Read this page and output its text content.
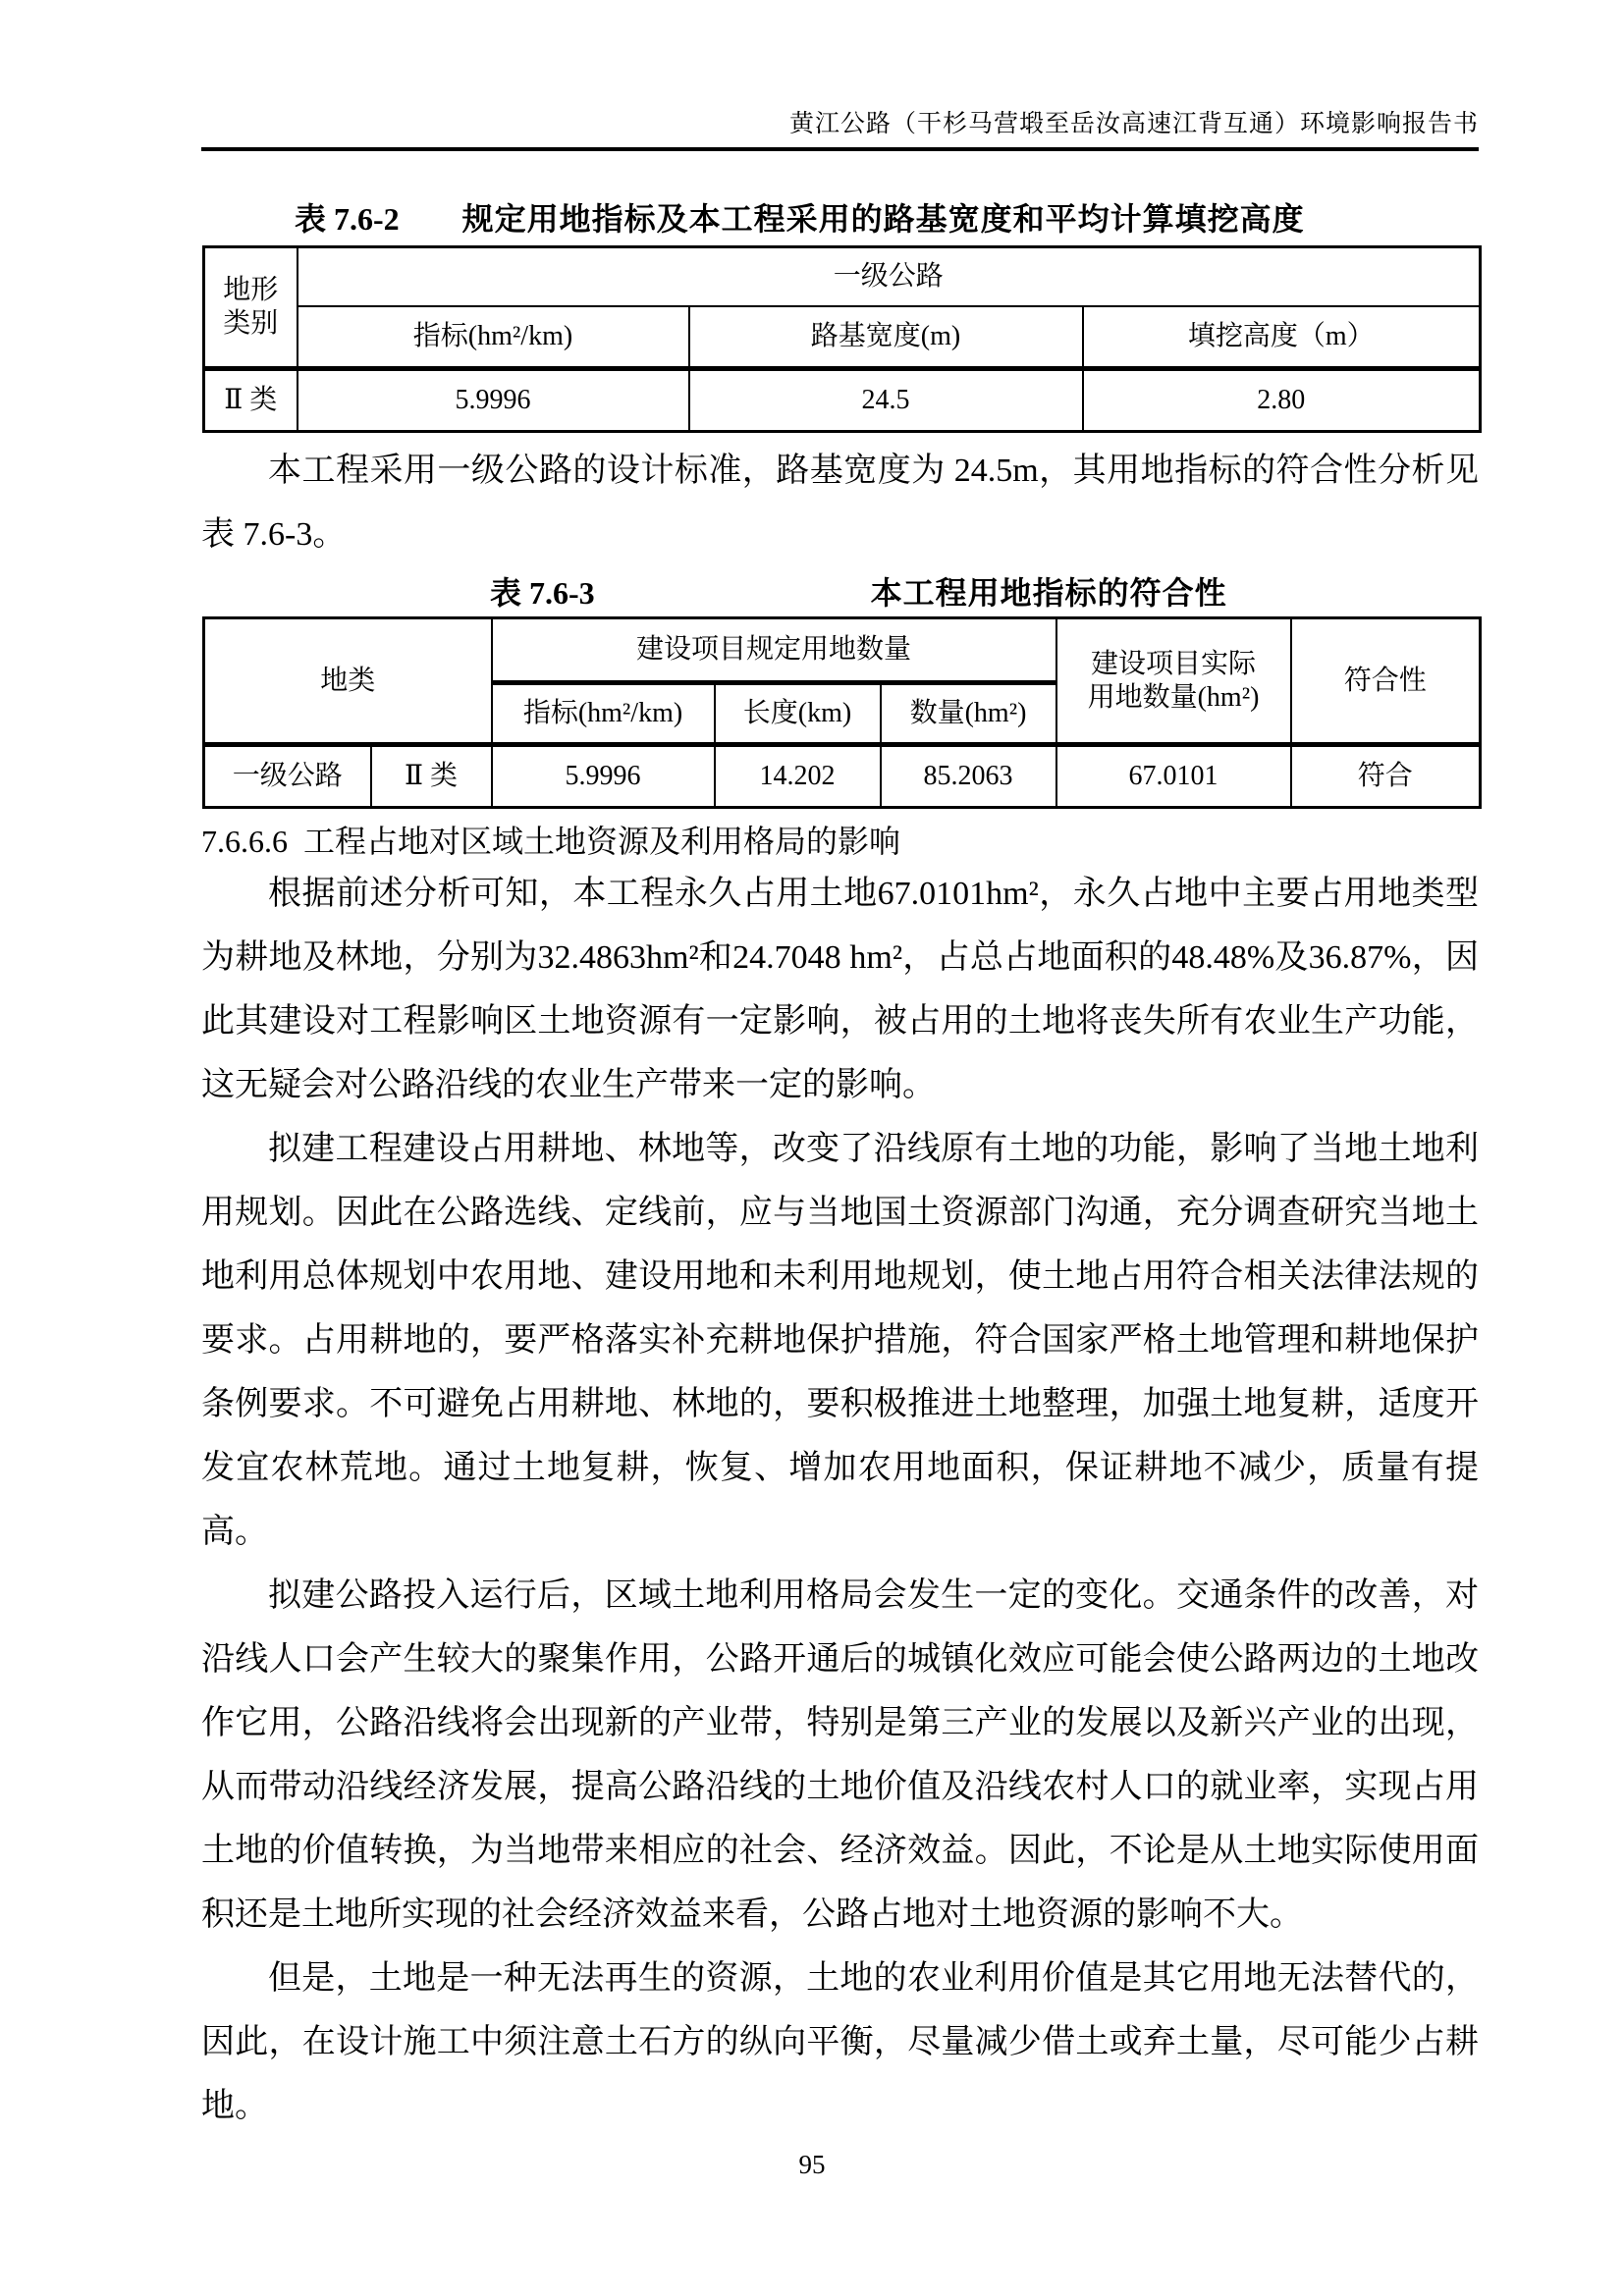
黄江公路（干杉马营塅至岳汝高速江背互通）环境影响报告书
表 7.6-2 规定用地指标及本工程采用的路基宽度和平均计算填挖高度
地形类别	一级公路		
	指标(hm²/km)	路基宽度(m)	填挖高度（m）
Ⅱ 类	5.9996	24.5	2.80

本工程采用一级公路的设计标准，路基宽度为 24.5m，其用地指标的符合性分析见表 7.6-3。

表 7.6-3	本工程用地指标的符合性
地类		建设项目规定用地数量			建设项目实际用地数量(hm²)	符合性
		指标(hm²/km)	长度(km)	数量(hm²)		
一级公路	Ⅱ 类	5.9996	14.202	85.2063	67.0101	符合
7.6.6.6  工程占地对区域土地资源及利用格局的影响

根据前述分析可知，本工程永久占用土地67.0101hm²，永久占地中主要占用地类型为耕地及林地，分别为32.4863hm²和24.7048 hm²，占总占地面积的48.48%及36.87%，因此其建设对工程影响区土地资源有一定影响，被占用的土地将丧失所有农业生产功能，这无疑会对公路沿线的农业生产带来一定的影响。

拟建工程建设占用耕地、林地等，改变了沿线原有土地的功能，影响了当地土地利用规划。因此在公路选线、定线前，应与当地国土资源部门沟通，充分调查研究当地土地利用总体规划中农用地、建设用地和未利用地规划，使土地占用符合相关法律法规的要求。占用耕地的，要严格落实补充耕地保护措施，符合国家严格土地管理和耕地保护条例要求。不可避免占用耕地、林地的，要积极推进土地整理，加强土地复耕，适度开发宜农林荒地。通过土地复耕，恢复、增加农用地面积，保证耕地不减少，质量有提高。

拟建公路投入运行后，区域土地利用格局会发生一定的变化。交通条件的改善，对沿线人口会产生较大的聚集作用，公路开通后的城镇化效应可能会使公路两边的土地改作它用，公路沿线将会出现新的产业带，特别是第三产业的发展以及新兴产业的出现，从而带动沿线经济发展，提高公路沿线的土地价值及沿线农村人口的就业率，实现占用土地的价值转换，为当地带来相应的社会、经济效益。因此，不论是从土地实际使用面积还是土地所实现的社会经济效益来看，公路占地对土地资源的影响不大。

但是，土地是一种无法再生的资源，土地的农业利用价值是其它用地无法替代的，因此，在设计施工中须注意土石方的纵向平衡，尽量减少借土或弃土量，尽可能少占耕地。

95
